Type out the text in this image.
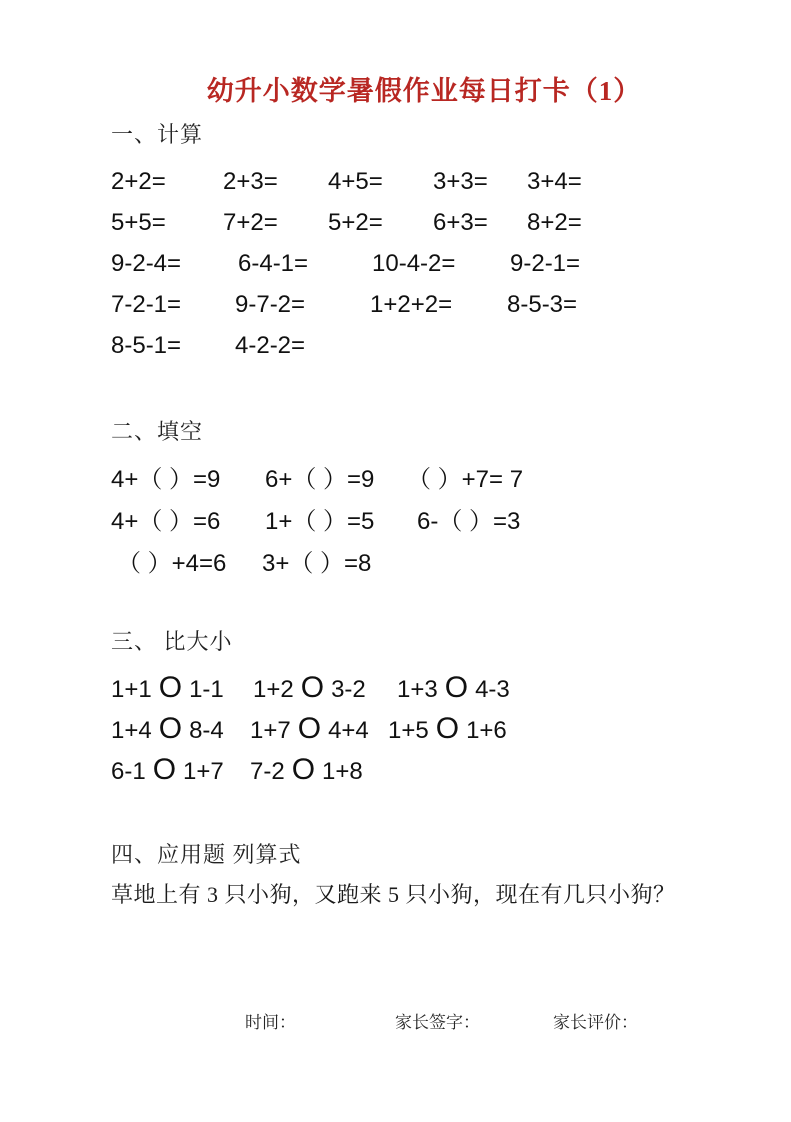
幼升小数学暑假作业每日打卡（1）
一、计算
2+2=	2+3=	4+5=	3+3=	3+4=
5+5=	7+2=	5+2=	6+3=	8+2=
9-2-4=	6-4-1=	10-4-2=	9-2-1=
7-2-1=	9-7-2=	1+2+2=	8-5-3=
8-5-1=	4-2-2=
二、填空
4+（ ）=9	6+（ ）=9	（ ）+7= 7
4+（ ）=6	1+（ ）=5	6-（ ）=3
（ ）+4=6	3+（ ）=8
三、 比大小
1+1 O 1-1 1+2 O 3-2 1+3 O 4-3
1+4 O 8-4 1+7 O 4+4 1+5 O 1+6
6-1 O 1+7 7-2 O 1+8
四、应用题 列算式
草地上有 3 只小狗，又跑来 5 只小狗，现在有几只小狗？
时间：	家长签字：	家长评价：
